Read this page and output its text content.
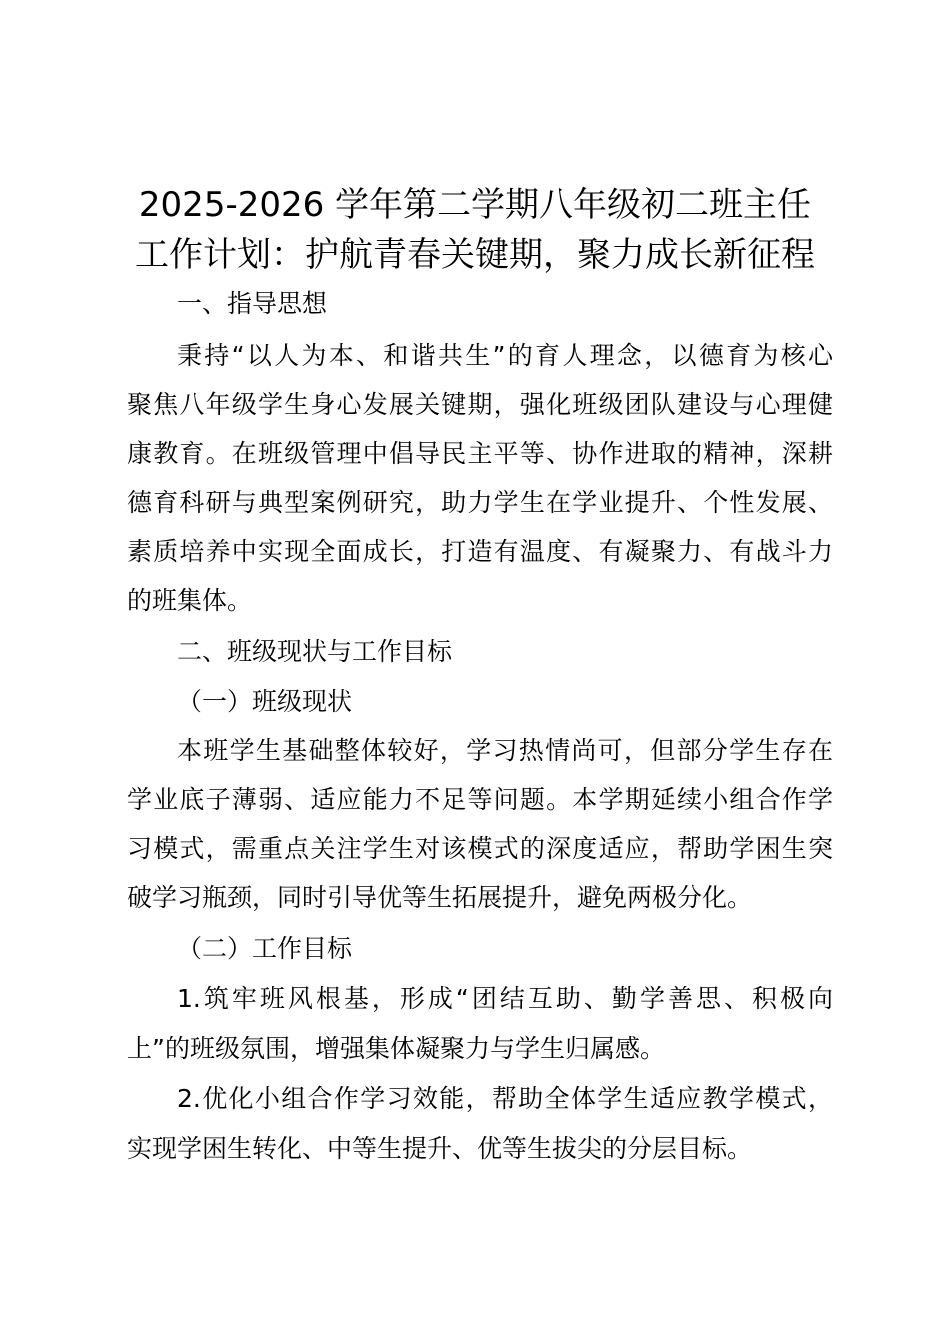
2025-2026 学年第二学期八年级初二班主任
工作计划：护航青春关键期，聚力成长新征程
一、指导思想
秉持“以人为本、和谐共生”的育人理念，以德育为核心
聚焦八年级学生身心发展关键期，强化班级团队建设与心理健
康教育。在班级管理中倡导民主平等、协作进取的精神，深耕
德育科研与典型案例研究，助力学生在学业提升、个性发展、
素质培养中实现全面成长，打造有温度、有凝聚力、有战斗力
的班集体。
二、班级现状与工作目标
（一）班级现状
本班学生基础整体较好，学习热情尚可，但部分学生存在
学业底子薄弱、适应能力不足等问题。本学期延续小组合作学
习模式，需重点关注学生对该模式的深度适应，帮助学困生突
破学习瓶颈，同时引导优等生拓展提升，避免两极分化。
（二）工作目标
1.筑牢班风根基，形成“团结互助、勤学善思、积极向
上”的班级氛围，增强集体凝聚力与学生归属感。
2.优化小组合作学习效能，帮助全体学生适应教学模式，
实现学困生转化、中等生提升、优等生拔尖的分层目标。
